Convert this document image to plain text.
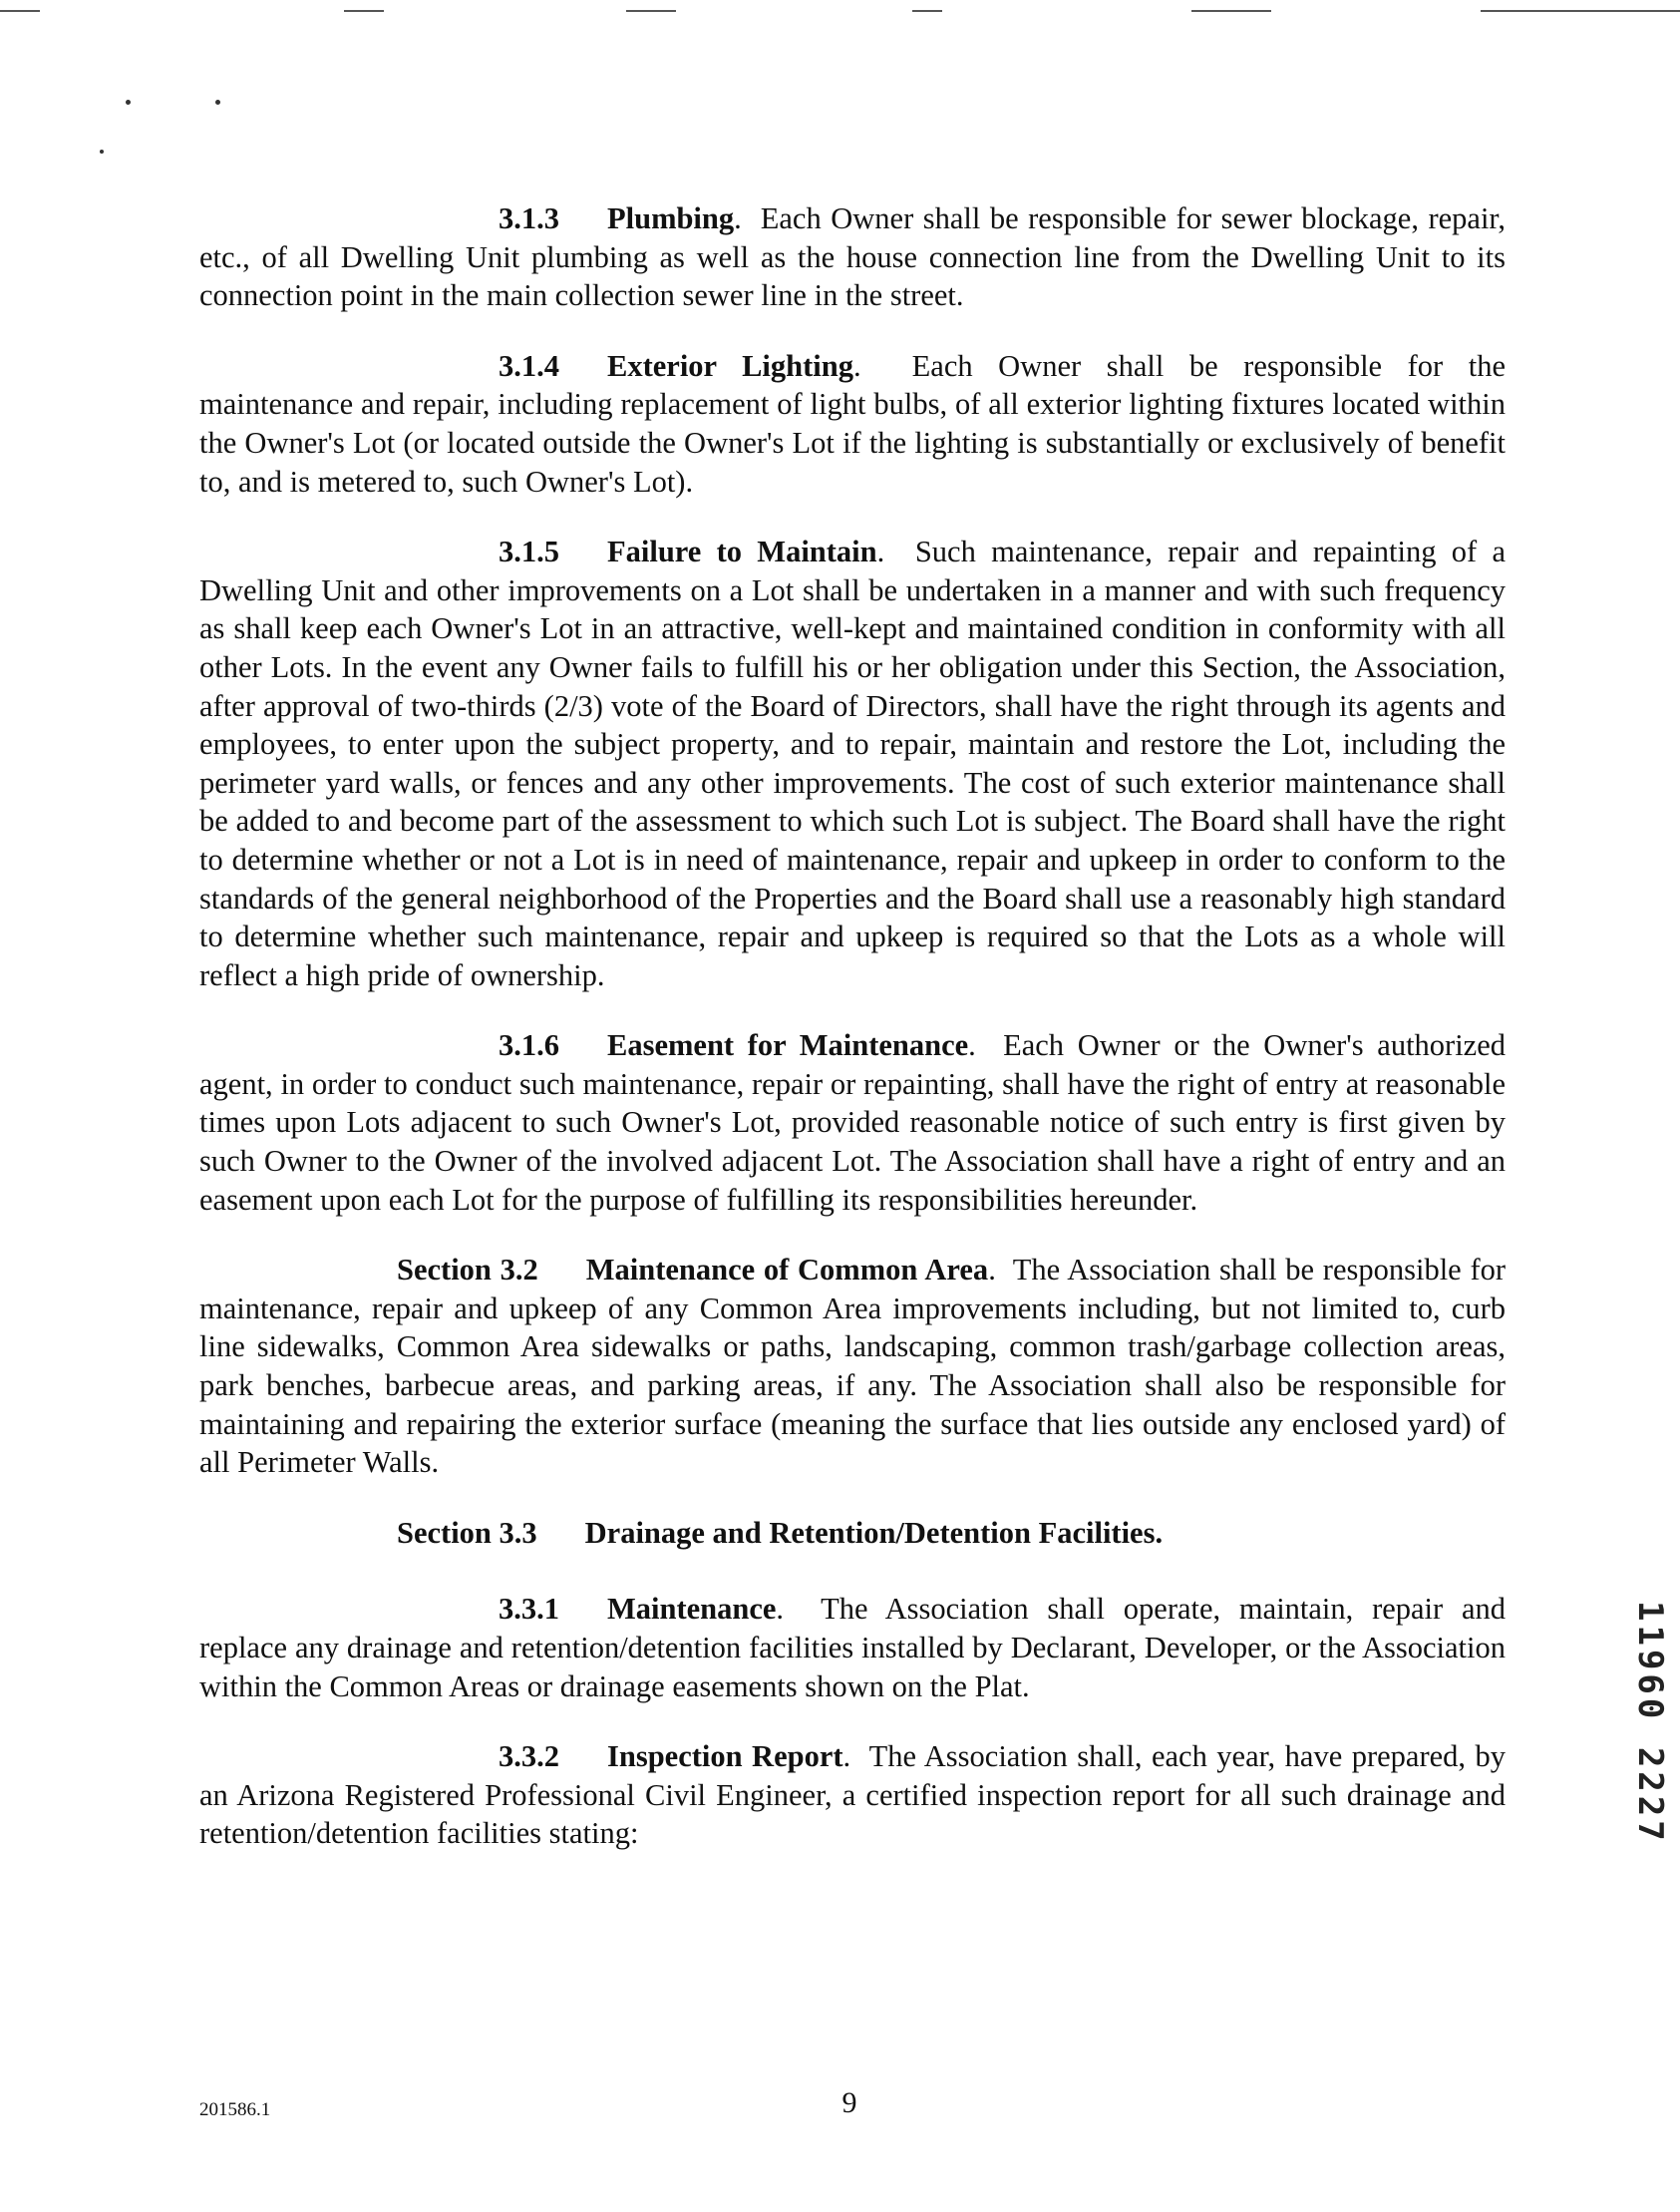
3.1.3 Plumbing. Each Owner shall be responsible for sewer blockage, repair, etc., of all Dwelling Unit plumbing as well as the house connection line from the Dwelling Unit to its connection point in the main collection sewer line in the street.

3.1.4 Exterior Lighting. Each Owner shall be responsible for the maintenance and repair, including replacement of light bulbs, of all exterior lighting fixtures located within the Owner's Lot (or located outside the Owner's Lot if the lighting is substantially or exclusively of benefit to, and is metered to, such Owner's Lot).

3.1.5 Failure to Maintain. Such maintenance, repair and repainting of a Dwelling Unit and other improvements on a Lot shall be undertaken in a manner and with such frequency as shall keep each Owner's Lot in an attractive, well-kept and maintained condition in conformity with all other Lots. In the event any Owner fails to fulfill his or her obligation under this Section, the Association, after approval of two-thirds (2/3) vote of the Board of Directors, shall have the right through its agents and employees, to enter upon the subject property, and to repair, maintain and restore the Lot, including the perimeter yard walls, or fences and any other improvements. The cost of such exterior maintenance shall be added to and become part of the assessment to which such Lot is subject. The Board shall have the right to determine whether or not a Lot is in need of maintenance, repair and upkeep in order to conform to the standards of the general neighborhood of the Properties and the Board shall use a reasonably high standard to determine whether such maintenance, repair and upkeep is required so that the Lots as a whole will reflect a high pride of ownership.

3.1.6 Easement for Maintenance. Each Owner or the Owner's authorized agent, in order to conduct such maintenance, repair or repainting, shall have the right of entry at reasonable times upon Lots adjacent to such Owner's Lot, provided reasonable notice of such entry is first given by such Owner to the Owner of the involved adjacent Lot. The Association shall have a right of entry and an easement upon each Lot for the purpose of fulfilling its responsibilities hereunder.

Section 3.2 Maintenance of Common Area. The Association shall be responsible for maintenance, repair and upkeep of any Common Area improvements including, but not limited to, curb line sidewalks, Common Area sidewalks or paths, landscaping, common trash/garbage collection areas, park benches, barbecue areas, and parking areas, if any. The Association shall also be responsible for maintaining and repairing the exterior surface (meaning the surface that lies outside any enclosed yard) of all Perimeter Walls.

Section 3.3 Drainage and Retention/Detention Facilities.

3.3.1 Maintenance. The Association shall operate, maintain, repair and replace any drainage and retention/detention facilities installed by Declarant, Developer, or the Association within the Common Areas or drainage easements shown on the Plat.

3.3.2 Inspection Report. The Association shall, each year, have prepared, by an Arizona Registered Professional Civil Engineer, a certified inspection report for all such drainage and retention/detention facilities stating:	11960 2227
201586.1	9
